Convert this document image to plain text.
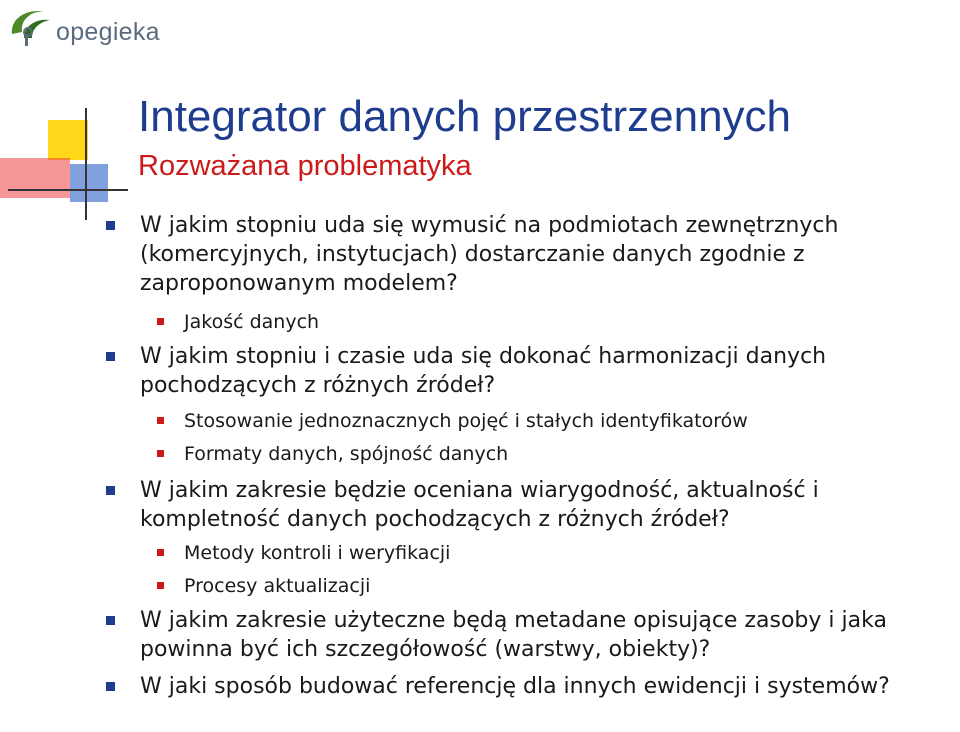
opegieka
Integrator danych przestrzennych
Rozważana problematyka
W jakim stopniu uda się wymusić na podmiotach zewnętrznych (komercyjnych, instytucjach) dostarczanie danych zgodnie z zaproponowanym modelem?
Jakość danych
W jakim stopniu i czasie uda się dokonać harmonizacji danych pochodzących z różnych źródeł?
Stosowanie jednoznacznych pojęć i stałych identyfikatorów
Formaty danych, spójność danych
W jakim zakresie będzie oceniana wiarygodność, aktualność i kompletność danych pochodzących z różnych źródeł?
Metody kontroli i weryfikacji
Procesy aktualizacji
W jakim zakresie użyteczne będą metadane opisujące zasoby i jaka powinna być ich szczegółowość (warstwy, obiekty)?
W jaki sposób budować referencję dla innych ewidencji i systemów?
